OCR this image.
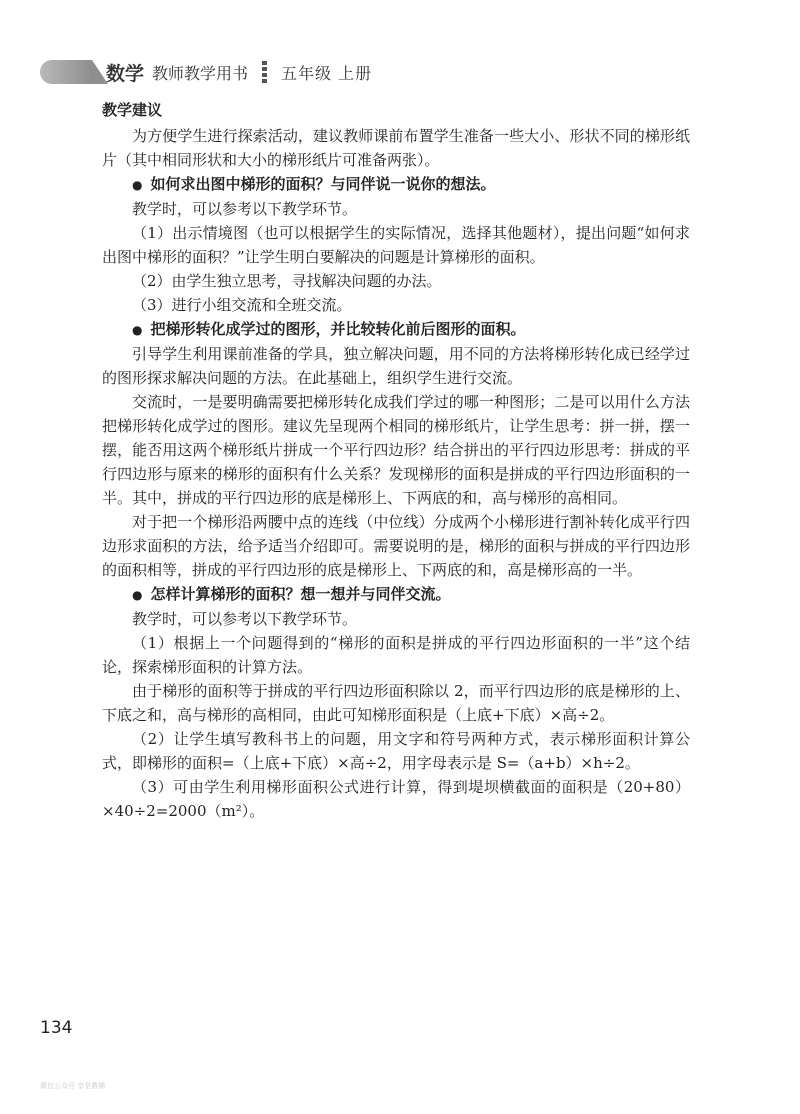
数学 教师教学用书 五年级 上册
教学建议

为方便学生进行探索活动，建议教师课前布置学生准备一些大小、形状不同的梯形纸片（其中相同形状和大小的梯形纸片可准备两张）。

● 如何求出图中梯形的面积？与同伴说一说你的想法。

教学时，可以参考以下教学环节。

（1）出示情境图（也可以根据学生的实际情况，选择其他题材），提出问题“如何求出图中梯形的面积？”让学生明白要解决的问题是计算梯形的面积。

（2）由学生独立思考，寻找解决问题的办法。

（3）进行小组交流和全班交流。

● 把梯形转化成学过的图形，并比较转化前后图形的面积。

引导学生利用课前准备的学具，独立解决问题，用不同的方法将梯形转化成已经学过的图形探求解决问题的方法。在此基础上，组织学生进行交流。

交流时，一是要明确需要把梯形转化成我们学过的哪一种图形；二是可以用什么方法把梯形转化成学过的图形。建议先呈现两个相同的梯形纸片，让学生思考：拼一拼，摆一摆，能否用这两个梯形纸片拼成一个平行四边形？结合拼出的平行四边形思考：拼成的平行四边形与原来的梯形的面积有什么关系？发现梯形的面积是拼成的平行四边形面积的一半。其中，拼成的平行四边形的底是梯形上、下两底的和，高与梯形的高相同。

对于把一个梯形沿两腰中点的连线（中位线）分成两个小梯形进行割补转化成平行四边形求面积的方法，给予适当介绍即可。需要说明的是，梯形的面积与拼成的平行四边形的面积相等，拼成的平行四边形的底是梯形上、下两底的和，高是梯形高的一半。

● 怎样计算梯形的面积？想一想并与同伴交流。

教学时，可以参考以下教学环节。

（1）根据上一个问题得到的“梯形的面积是拼成的平行四边形面积的一半”这个结论，探索梯形面积的计算方法。

由于梯形的面积等于拼成的平行四边形面积除以 2，而平行四边形的底是梯形的上、下底之和，高与梯形的高相同，由此可知梯形面积是（上底+下底）×高÷2。

（2）让学生填写教科书上的问题，用文字和符号两种方式，表示梯形面积计算公式，即梯形的面积=（上底+下底）×高÷2，用字母表示是 S=（a+b）×h÷2。

（3）可由学生利用梯形面积公式进行计算，得到堤坝横截面的面积是（20+80）×40÷2=2000（m²）。

134
微信公众号 享是教辅
